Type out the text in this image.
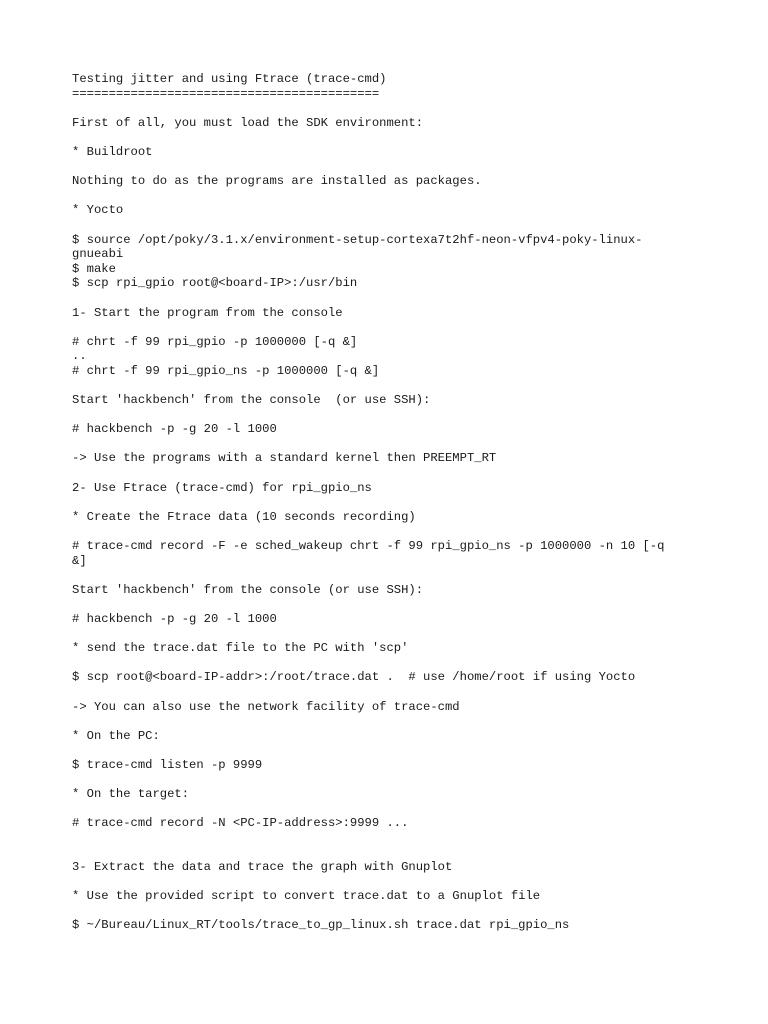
Testing jitter and using Ftrace (trace-cmd)
==========================================
First of all, you must load the SDK environment:
* Buildroot
Nothing to do as the programs are installed as packages.
* Yocto
$ source /opt/poky/3.1.x/environment-setup-cortexa7t2hf-neon-vfpv4-poky-linux-
gnueabi
$ make
$ scp rpi_gpio root@<board-IP>:/usr/bin
1- Start the program from the console
# chrt -f 99 rpi_gpio -p 1000000 [-q &]
..
# chrt -f 99 rpi_gpio_ns -p 1000000 [-q &]
Start 'hackbench' from the console  (or use SSH):
# hackbench -p -g 20 -l 1000
-> Use the programs with a standard kernel then PREEMPT_RT
2- Use Ftrace (trace-cmd) for rpi_gpio_ns
* Create the Ftrace data (10 seconds recording)
# trace-cmd record -F -e sched_wakeup chrt -f 99 rpi_gpio_ns -p 1000000 -n 10 [-q
&]
Start 'hackbench' from the console (or use SSH):
# hackbench -p -g 20 -l 1000
* send the trace.dat file to the PC with 'scp'
$ scp root@<board-IP-addr>:/root/trace.dat .  # use /home/root if using Yocto
-> You can also use the network facility of trace-cmd
* On the PC:
$ trace-cmd listen -p 9999
* On the target:
# trace-cmd record -N <PC-IP-address>:9999 ...
3- Extract the data and trace the graph with Gnuplot
* Use the provided script to convert trace.dat to a Gnuplot file
$ ~/Bureau/Linux_RT/tools/trace_to_gp_linux.sh trace.dat rpi_gpio_ns
